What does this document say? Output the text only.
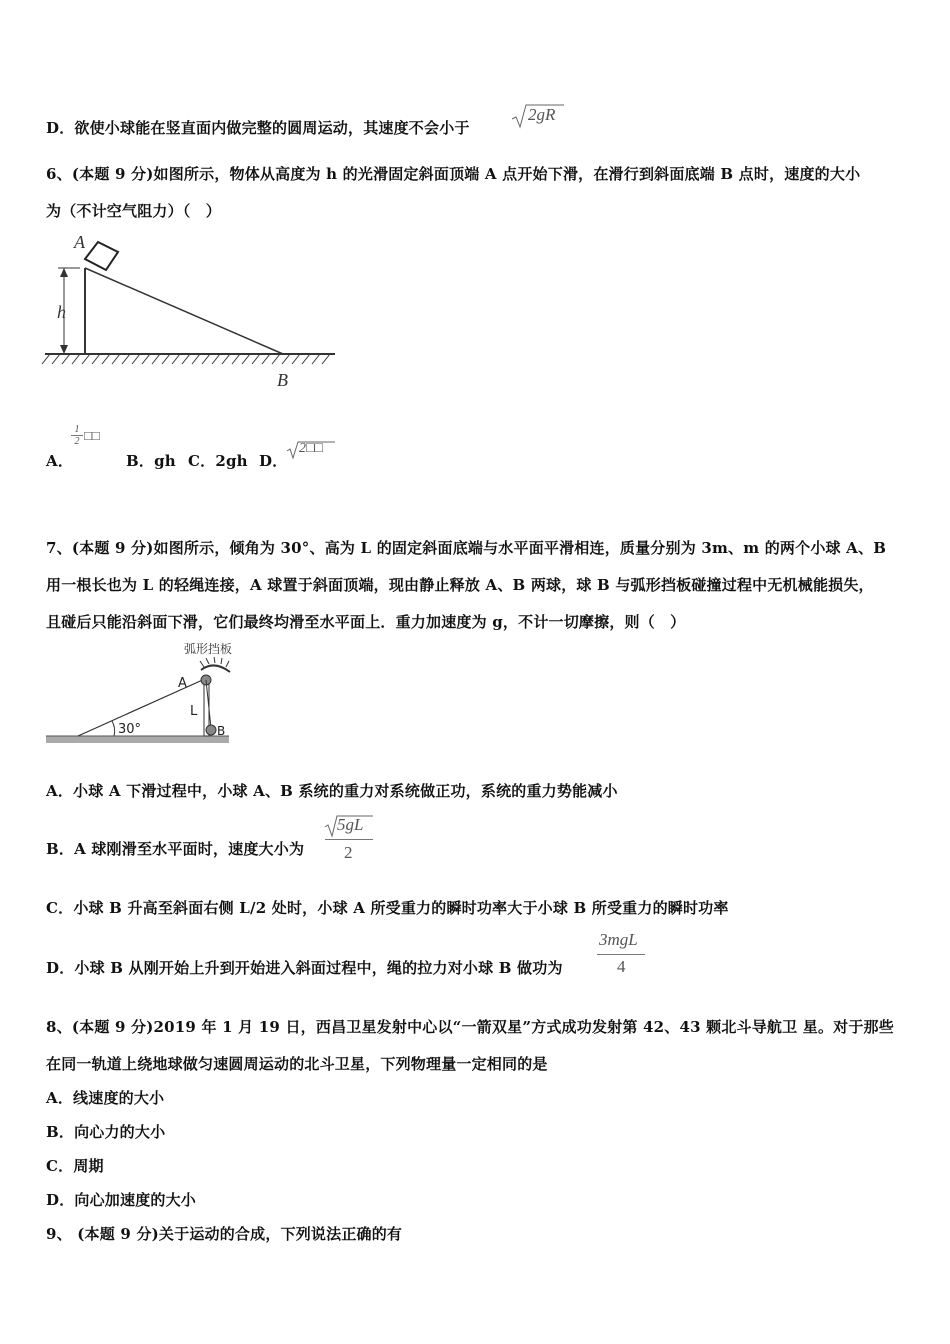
D．欲使小球能在竖直面内做完整的圆周运动，其速度不会小于
2gR
6、(本题 9 分)如图所示，物体从高度为 h 的光滑固定斜面顶端 A 点开始下滑，在滑行到斜面底端 B 点时，速度的大小
为（不计空气阻力）（　）
A
h
B
A．
1
2 □□
B．gh C．2gh D．
2□□
7、(本题 9 分)如图所示，倾角为 30°、高为 L 的固定斜面底端与水平面平滑相连，质量分别为 3m、m 的两个小球 A、B
用一根长也为 L 的轻绳连接，A 球置于斜面顶端，现由静止释放 A、B 两球，球 B 与弧形挡板碰撞过程中无机械能损失，
且碰后只能沿斜面下滑，它们最终均滑至水平面上．重力加速度为 g，不计一切摩擦，则（　）
弧形挡板
A
L
B
30°
A．小球 A 下滑过程中，小球 A、B 系统的重力对系统做正功，系统的重力势能减小
B．A 球刚滑至水平面时，速度大小为
5gL
2
C．小球 B 升高至斜面右侧 L/2 处时，小球 A 所受重力的瞬时功率大于小球 B 所受重力的瞬时功率
D．小球 B 从刚开始上升到开始进入斜面过程中，绳的拉力对小球 B 做功为
3mgL
4
8、(本题 9 分)2019 年 1 月 19 日，西昌卫星发射中心以“一箭双星”方式成功发射第 42、43 颗北斗导航卫 星。对于那些
在同一轨道上绕地球做匀速圆周运动的北斗卫星，下列物理量一定相同的是
A．线速度的大小
B．向心力的大小
C．周期
D．向心加速度的大小
9、 (本题 9 分)关于运动的合成，下列说法正确的有
